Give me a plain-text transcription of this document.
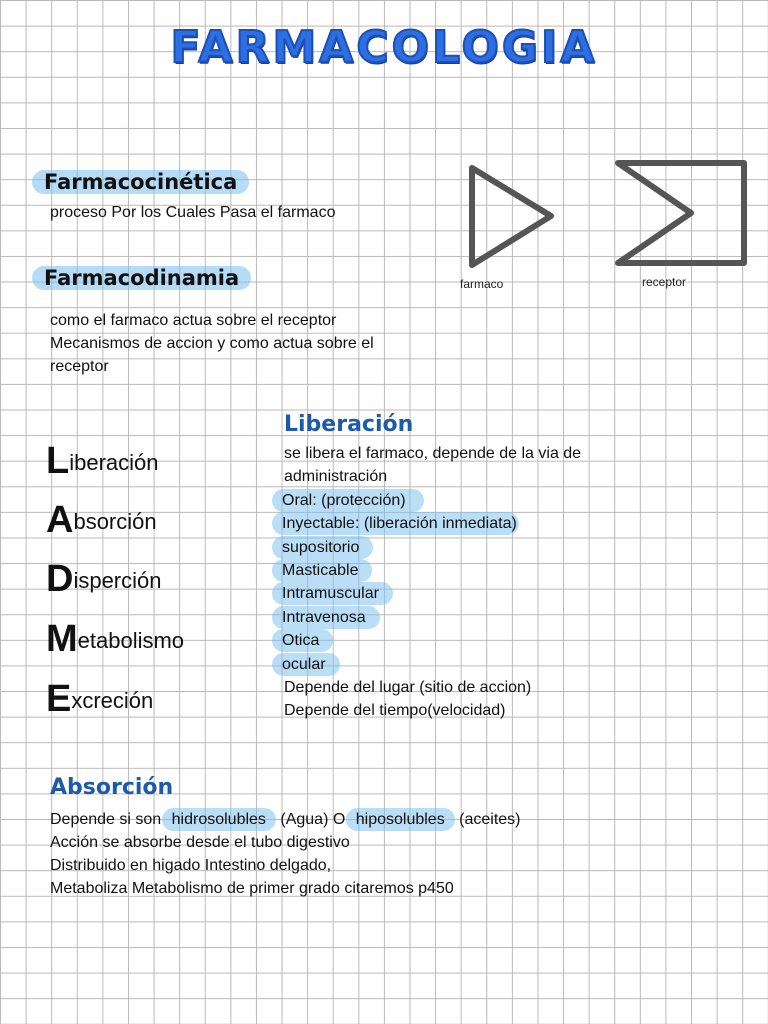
FARMACOLOGIA
Farmacocinética
proceso Por los Cuales Pasa el farmaco
Farmacodinamia
como el farmaco actua sobre el receptor
Mecanismos de accion y como actua sobre el
receptor
farmaco	receptor
Liberación
Absorción
Disperción
Metabolismo
Excreción
Liberación
se libera el farmaco, depende de la via de
administración
Oral: (protección)
Inyectable: (liberación inmediata)
supositorio
Masticable
Intramuscular
Intravenosa
Otica
ocular
Depende del lugar (sitio de accion)
Depende del tiempo(velocidad)
Absorción
Depende si son hidrosolubles (Agua) O hiposolubles (aceites)
Acción se absorbe desde el tubo digestivo
Distribuido en higado Intestino delgado,
Metaboliza Metabolismo de primer grado citaremos p450
